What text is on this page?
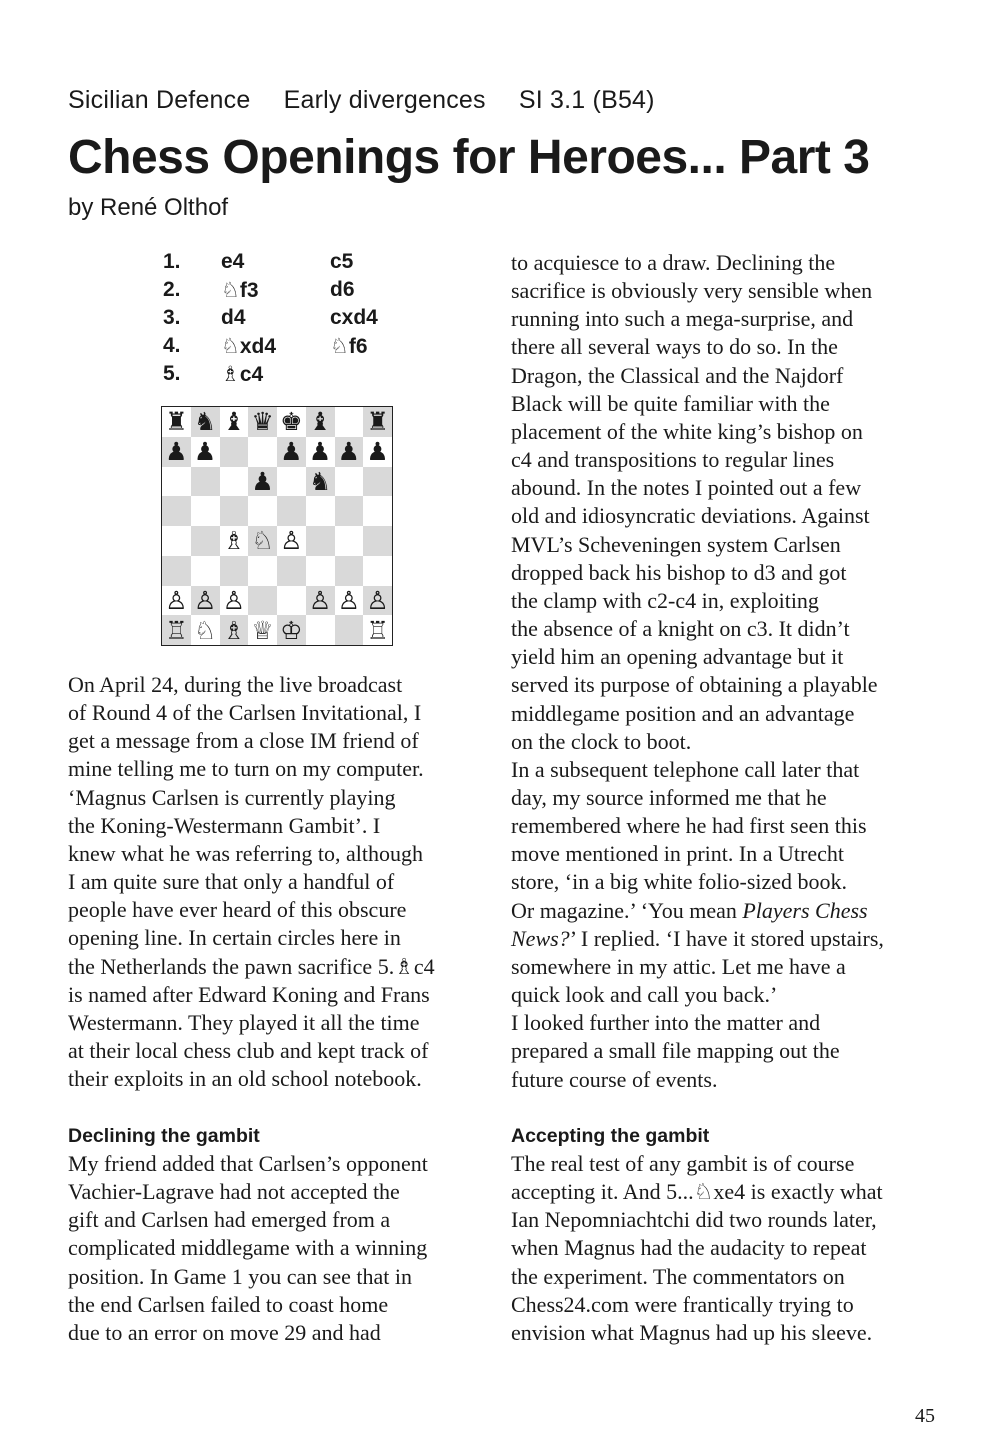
Sicilian Defence Early divergences SI 3.1 (B54)
Chess Openings for Heroes... Part 3
by René Olthof
1. e4	c5
2. ♘f3	d6
3. d4	cxd4
4. ♘xd4	♘f6
5. ♗c4
♜ ♞ ♝ ♛ ♚ ♝ ♜
♟ ♟	♟ ♟ ♟ ♟
♟ ♞
♗ ♘ ♙
♙ ♙ ♙	♙ ♙ ♙
♖ ♘ ♗ ♕ ♔	♖

On April 24, during the live broadcast
of Round 4 of the Carlsen Invitational, I
get a message from a close IM friend of
mine telling me to turn on my computer.
‘Magnus Carlsen is currently playing
the Koning-Westermann Gambit’. I
knew what he was referring to, although
I am quite sure that only a handful of
people have ever heard of this obscure
opening line. In certain circles here in
the Netherlands the pawn sacrifice 5.♗c4
is named after Edward Koning and Frans
Westermann. They played it all the time
at their local chess club and kept track of
their exploits in an old school notebook.

Declining the gambit

My friend added that Carlsen’s opponent
Vachier-Lagrave had not accepted the
gift and Carlsen had emerged from a
complicated middlegame with a winning
position. In Game 1 you can see that in
the end Carlsen failed to coast home
due to an error on move 29 and had

to acquiesce to a draw. Declining the
sacrifice is obviously very sensible when
running into such a mega-surprise, and
there all several ways to do so. In the
Dragon, the Classical and the Najdorf
Black will be quite familiar with the
placement of the white king’s bishop on
c4 and transpositions to regular lines
abound. In the notes I pointed out a few
old and idiosyncratic deviations. Against
MVL’s Scheveningen system Carlsen
dropped back his bishop to d3 and got
the clamp with c2-c4 in, exploiting
the absence of a knight on c3. It didn’t
yield him an opening advantage but it
served its purpose of obtaining a playable
middlegame position and an advantage
on the clock to boot.

In a subsequent telephone call later that
day, my source informed me that he
remembered where he had first seen this
move mentioned in print. In a Utrecht
store, ‘in a big white folio-sized book.
Or magazine.’ ‘You mean Players Chess
News?’ I replied. ‘I have it stored upstairs,
somewhere in my attic. Let me have a
quick look and call you back.’

I looked further into the matter and
prepared a small file mapping out the
future course of events.

Accepting the gambit

The real test of any gambit is of course
accepting it. And 5...♘xe4 is exactly what
Ian Nepomniachtchi did two rounds later,
when Magnus had the audacity to repeat
the experiment. The commentators on
Chess24.com were frantically trying to
envision what Magnus had up his sleeve.

45
